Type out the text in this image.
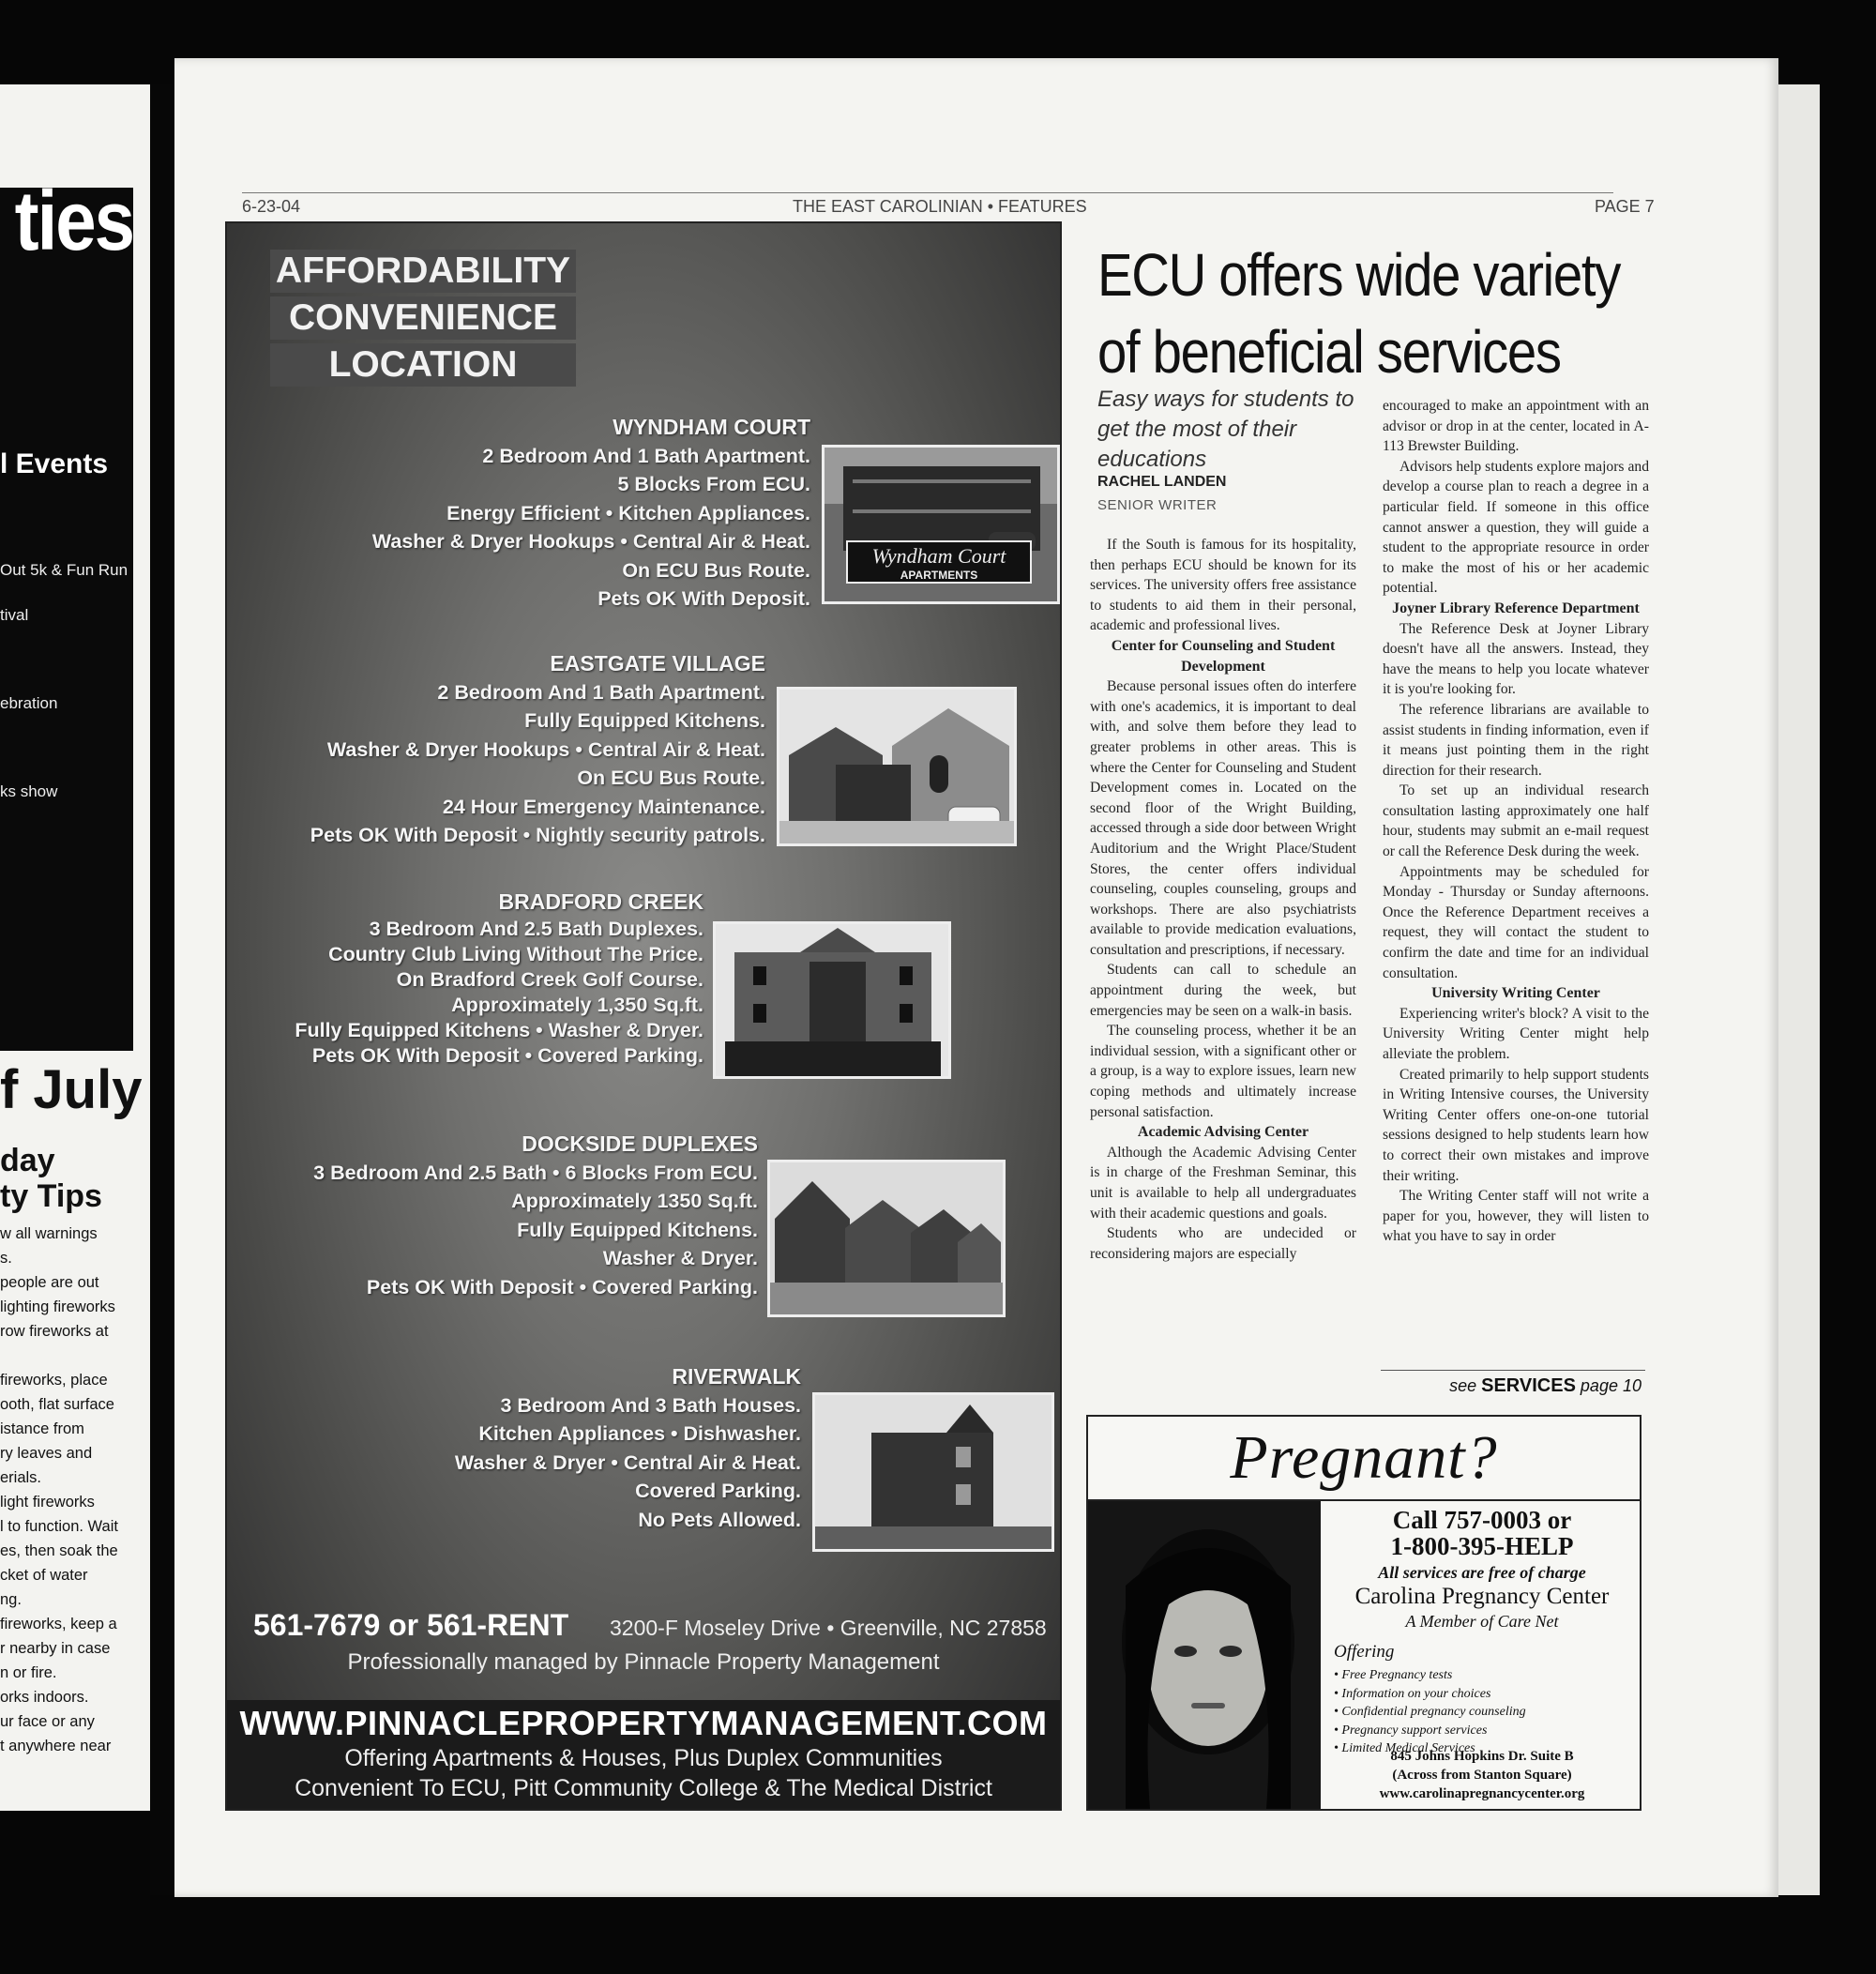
ties
l Events
Out 5k & Fun Run
tival
ebration
ks show
f July
day
ty Tips
w all warnings
s.
people are out
lighting fireworks
row fireworks at
fireworks, place
ooth, flat surface
istance from
ry leaves and
erials.
light fireworks
l to function. Wait
es, then soak the
cket of water
ng.
fireworks, keep a
r nearby in case
n or fire.
orks indoors.
ur face or any
t anywhere near
6-23-04	THE EAST CAROLINIAN • FEATURES	PAGE 7
AFFORDABILITY
CONVENIENCE
LOCATION
WYNDHAM COURT
2 Bedroom And 1 Bath Apartment.
5 Blocks From ECU.
Energy Efficient • Kitchen Appliances.
Washer & Dryer Hookups • Central Air & Heat.
On ECU Bus Route.
Pets OK With Deposit.
Wyndham Court
APARTMENTS
EASTGATE VILLAGE
2 Bedroom And 1 Bath Apartment.
Fully Equipped Kitchens.
Washer & Dryer Hookups • Central Air & Heat.
On ECU Bus Route.
24 Hour Emergency Maintenance.
Pets OK With Deposit • Nightly security patrols.
BRADFORD CREEK
3 Bedroom And 2.5 Bath Duplexes.
Country Club Living Without The Price.
On Bradford Creek Golf Course.
Approximately 1,350 Sq.ft.
Fully Equipped Kitchens • Washer & Dryer.
Pets OK With Deposit • Covered Parking.
DOCKSIDE DUPLEXES
3 Bedroom And 2.5 Bath • 6 Blocks From ECU.
Approximately 1350 Sq.ft.
Fully Equipped Kitchens.
Washer & Dryer.
Pets OK With Deposit • Covered Parking.
RIVERWALK
3 Bedroom And 3 Bath Houses.
Kitchen Appliances • Dishwasher.
Washer & Dryer • Central Air & Heat.
Covered Parking.
No Pets Allowed.
561-7679 or 561-RENT 3200-F Moseley Drive • Greenville, NC 27858
Professionally managed by Pinnacle Property Management
WWW.PINNACLEPROPERTYMANAGEMENT.COM
Offering Apartments & Houses, Plus Duplex Communities
Convenient To ECU, Pitt Community College & The Medical District
ECU offers wide variety
of beneficial services
Easy ways for students to get the most of their educations
RACHEL LANDEN
SENIOR WRITER

If the South is famous for its hospitality, then perhaps ECU should be known for its services. The university offers free assistance to students to aid them in their personal, academic and professional lives.

Center for Counseling and Student Development

Because personal issues often do interfere with one's academics, it is important to deal with, and solve them before they lead to greater problems in other areas. This is where the Center for Counseling and Student Development comes in. Located on the second floor of the Wright Building, accessed through a side door between Wright Auditorium and the Wright Place/Student Stores, the center offers individual counseling, couples counseling, groups and workshops. There are also psychiatrists available to provide medication evaluations, consultation and prescriptions, if necessary.

Students can call to schedule an appointment during the week, but emergencies may be seen on a walk-in basis.

The counseling process, whether it be an individual session, with a significant other or a group, is a way to explore issues, learn new coping methods and ultimately increase personal satisfaction.

Academic Advising Center

Although the Academic Advising Center is in charge of the Freshman Seminar, this unit is available to help all undergraduates with their academic questions and goals.

Students who are undecided or reconsidering majors are especially

encouraged to make an appointment with an advisor or drop in at the center, located in A-113 Brewster Building.

Advisors help students explore majors and develop a course plan to reach a degree in a particular field. If someone in this office cannot answer a question, they will guide a student to the appropriate resource in order to make the most of his or her academic potential.

Joyner Library Reference Department

The Reference Desk at Joyner Library doesn't have all the answers. Instead, they have the means to help you locate whatever it is you're looking for.

The reference librarians are available to assist students in finding information, even if it means just pointing them in the right direction for their research.

To set up an individual research consultation lasting approximately one half hour, students may submit an e-mail request or call the Reference Desk during the week.

Appointments may be scheduled for Monday - Thursday or Sunday afternoons. Once the Reference Department receives a request, they will contact the student to confirm the date and time for an individual consultation.

University Writing Center

Experiencing writer's block? A visit to the University Writing Center might help alleviate the problem.

Created primarily to help support students in Writing Intensive courses, the University Writing Center offers one-on-one tutorial sessions designed to help students learn how to correct their own mistakes and improve their writing.

The Writing Center staff will not write a paper for you, however, they will listen to what you have to say in order

see SERVICES page 10
Pregnant?
Call 757-0003 or
1-800-395-HELP
All services are free of charge
Carolina Pregnancy Center
A Member of Care Net
Offering
• Free Pregnancy tests
• Information on your choices
• Confidential pregnancy counseling
• Pregnancy support services
• Limited Medical Services
845 Johns Hopkins Dr. Suite B
(Across from Stanton Square)
www.carolinapregnancycenter.org
